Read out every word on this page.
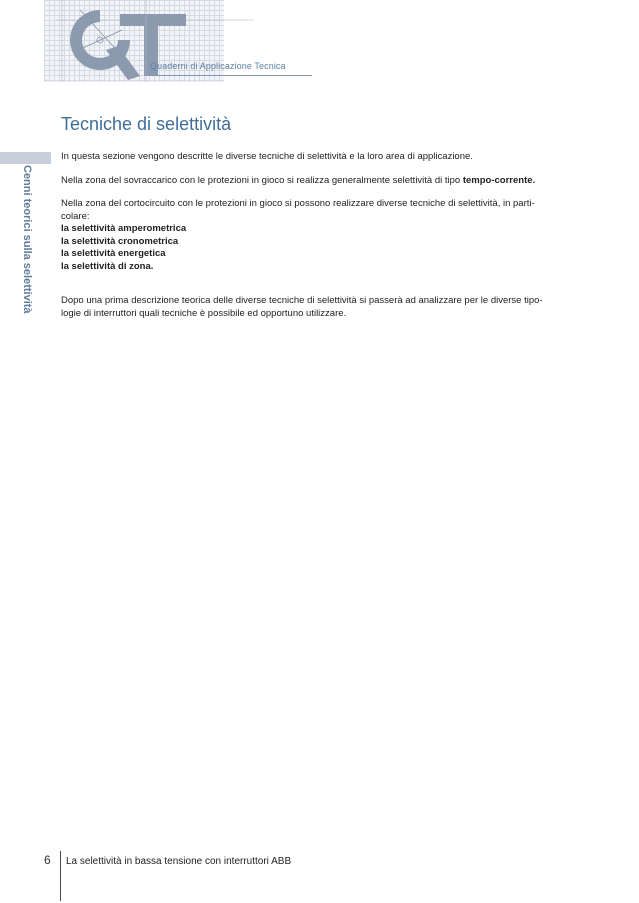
Quaderni di Applicazione Tecnica
Cenni teorici sulla selettività
Tecniche di selettività

In questa sezione vengono descritte le diverse tecniche di selettività e la loro area di applicazione.

Nella zona del sovraccarico con le protezioni in gioco si realizza generalmente selettività di tipo tempo-corrente.

Nella zona del cortocircuito con le protezioni in gioco si possono realizzare diverse tecniche di selettività, in parti-
colare:

la selettività amperometrica
la selettività cronometrica
la selettività energetica
la selettività di zona.

Dopo una prima descrizione teorica delle diverse tecniche di selettività si passerà ad analizzare per le diverse tipo-
logie di interruttori quali tecniche è possibile ed opportuno utilizzare.

6 La selettività in bassa tensione con interruttori ABB
